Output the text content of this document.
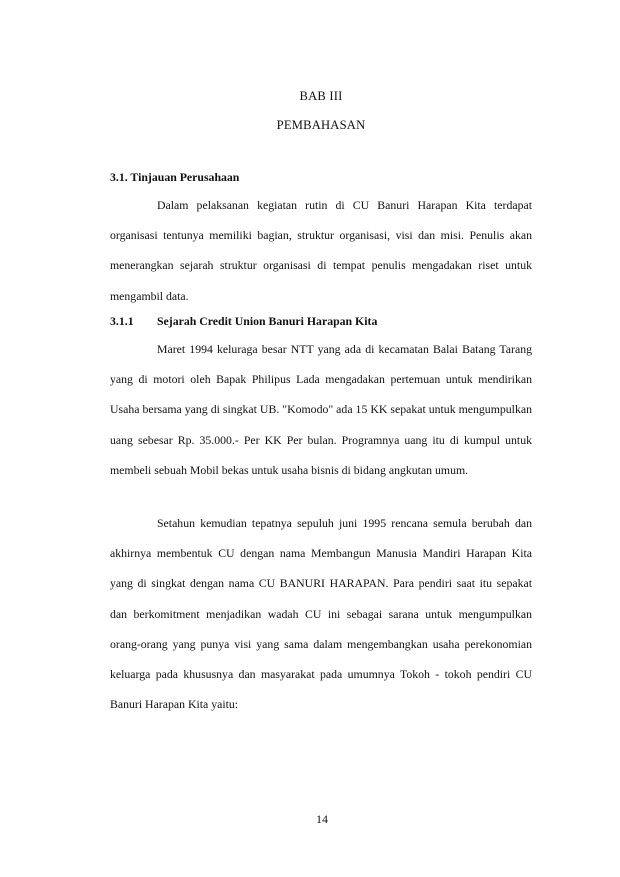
BAB III
PEMBAHASAN
3.1. Tinjauan Perusahaan

Dalam pelaksanan kegiatan rutin di CU Banuri Harapan Kita terdapat organisasi tentunya memiliki bagian, struktur organisasi, visi dan misi. Penulis akan menerangkan sejarah struktur organisasi di tempat penulis mengadakan riset untuk mengambil data.

3.1.1	Sejarah Credit Union Banuri Harapan Kita

Maret 1994 keluraga besar NTT yang ada di kecamatan Balai Batang Tarang yang di motori oleh Bapak Philipus Lada mengadakan pertemuan untuk mendirikan Usaha bersama yang di singkat UB. "Komodo" ada 15 KK sepakat untuk mengumpulkan uang sebesar Rp. 35.000.- Per KK Per bulan. Programnya uang itu di kumpul untuk membeli sebuah Mobil bekas untuk usaha bisnis di bidang angkutan umum.

Setahun kemudian tepatnya sepuluh juni 1995 rencana semula berubah dan akhirnya membentuk CU dengan nama Membangun Manusia Mandiri Harapan Kita yang di singkat dengan nama CU BANURI HARAPAN. Para pendiri saat itu sepakat dan berkomitment menjadikan wadah CU ini sebagai sarana untuk mengumpulkan orang-orang yang punya visi yang sama dalam mengembangkan usaha perekonomian keluarga pada khususnya dan masyarakat pada umumnya Tokoh - tokoh pendiri CU Banuri Harapan Kita yaitu:

14
